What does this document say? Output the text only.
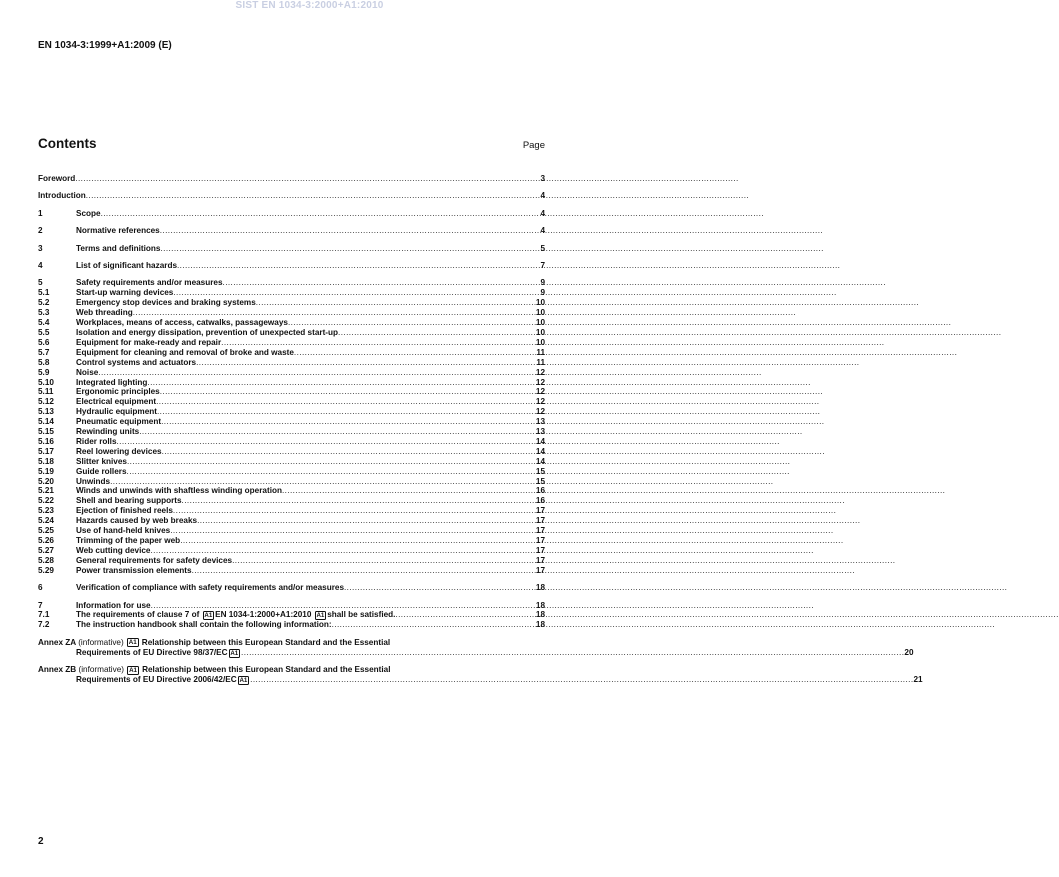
SIST EN 1034-3:2000+A1:2010
EN 1034-3:1999+A1:2009 (E)
Contents	Page
Foreword .....	3
Introduction .....	4
1	Scope .....	4
2	Normative references .....	4
3	Terms and definitions .....	5
4	List of significant hazards .....	7
5	Safety requirements and/or measures .....	9
5.1	Start-up warning devices .....	9
5.2	Emergency stop devices and braking systems .....	10
5.3	Web threading .....	10
5.4	Workplaces, means of access, catwalks, passageways .....	10
5.5	Isolation and energy dissipation, prevention of unexpected start-up .....	10
5.6	Equipment for make-ready and repair .....	10
5.7	Equipment for cleaning and removal of broke and waste .....	11
5.8	Control systems and actuators .....	11
5.9	Noise .....	12
5.10	Integrated lighting .....	12
5.11	Ergonomic principles .....	12
5.12	Electrical equipment .....	12
5.13	Hydraulic equipment .....	12
5.14	Pneumatic equipment .....	13
5.15	Rewinding units .....	13
5.16	Rider rolls .....	14
5.17	Reel lowering devices .....	14
5.18	Slitter knives .....	14
5.19	Guide rollers .....	15
5.20	Unwinds .....	15
5.21	Winds and unwinds with shaftless winding operation .....	16
5.22	Shell and bearing supports .....	16
5.23	Ejection of finished reels .....	17
5.24	Hazards caused by web breaks .....	17
5.25	Use of hand-held knives .....	17
5.26	Trimming of the paper web .....	17
5.27	Web cutting device .....	17
5.28	General requirements for safety devices .....	17
5.29	Power transmission elements .....	17
6	Verification of compliance with safety requirements and/or measures .....	18
7	Information for use .....	18
7.1	The requirements of clause 7 of A1 EN 1034-1:2000+A1:2010 A1 shall be satisfied. .....	18
7.2	The instruction handbook shall contain the following information: .....	18
Annex ZA (informative) A1 Relationship between this European Standard and the Essential
Requirements of EU Directive 98/37/EC A1 .....	20
Annex ZB (informative) A1 Relationship between this European Standard and the Essential
Requirements of EU Directive 2006/42/EC A1 .....	21
2
